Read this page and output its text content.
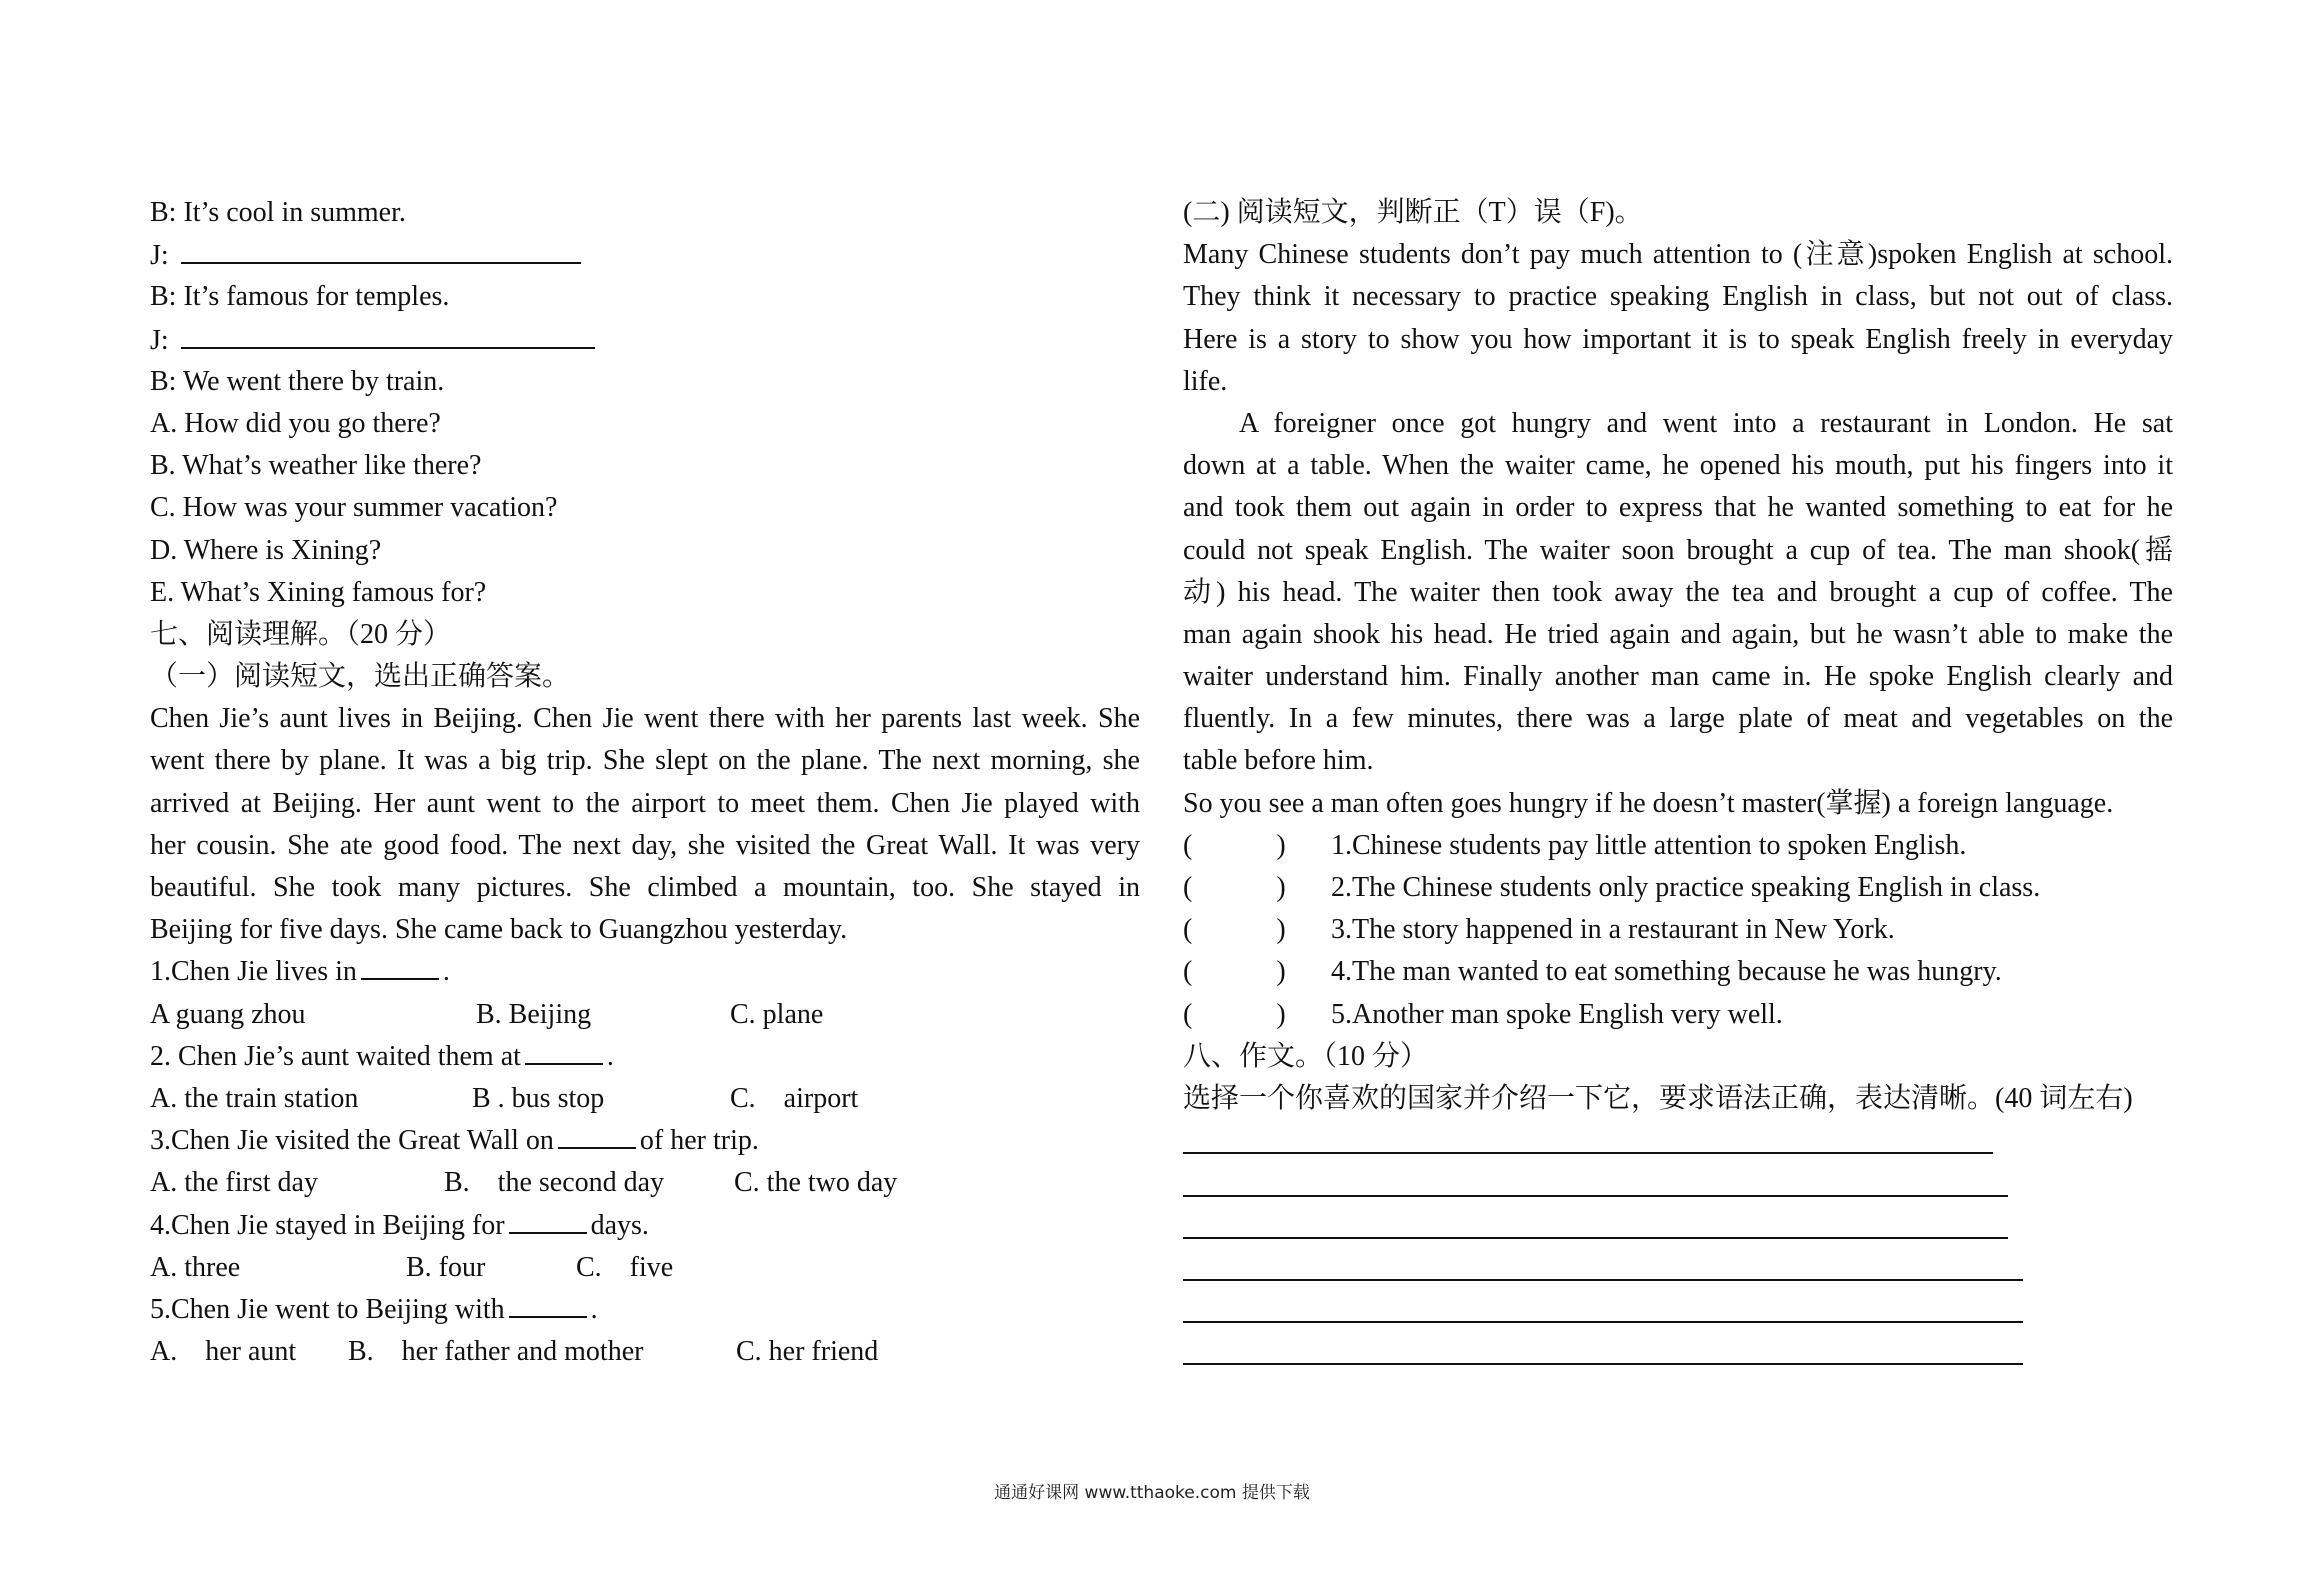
B: It’s cool in summer.
J:
B: It’s famous for temples.
J:
B: We went there by train.
A. How did you go there?
B. What’s weather like there?
C. How was your summer vacation?
D. Where is Xining?
E. What’s Xining famous for?
七、阅读理解。（20 分）
（一）阅读短文，选出正确答案。
Chen Jie’s aunt lives in Beijing. Chen Jie went there with her parents last week. She
went there by plane. It was a big trip. She slept on the plane. The next morning, she
arrived at Beijing. Her aunt went to the airport to meet them. Chen Jie played with
her cousin. She ate good food. The next day, she visited the Great Wall. It was very
beautiful. She took many pictures. She climbed a mountain, too. She stayed in
Beijing for five days. She came back to Guangzhou yesterday.
1.Chen Jie lives in	.
A guang zhou	B. Beijing	C. plane
2. Chen Jie’s aunt waited them at	.
A. the train station	B . bus stop	C.    airport
3.Chen Jie visited the Great Wall on	of her trip.
A. the first day	B.    the second day C. the two day
4.Chen Jie stayed in Beijing for	days.
A. three	B. four	C.    five
5.Chen Jie went to Beijing with	.
A.    her aunt B.    her father and mother	C. her friend
(二) 阅读短文，判断正（T）误（F)。
Many Chinese students don’t pay much attention to (注意)spoken English at school.
They think it necessary to practice speaking English in class, but not out of class.
Here is a story to show you how important it is to speak English freely in everyday
life.
A foreigner once got hungry and went into a restaurant in London. He sat
down at a table. When the waiter came, he opened his mouth, put his fingers into it
and took them out again in order to express that he wanted something to eat for he
could not speak English. The waiter soon brought a cup of tea. The man shook(摇
动) his head. The waiter then took away the tea and brought a cup of coffee. The
man again shook his head. He tried again and again, but he wasn’t able to make the
waiter understand him. Finally another man came in. He spoke English clearly and
fluently. In a few minutes, there was a large plate of meat and vegetables on the
table before him.
So you see a man often goes hungry if he doesn’t master(掌握) a foreign language.
(            ) 1.Chinese students pay little attention to spoken English.
(            ) 2.The Chinese students only practice speaking English in class.
(            ) 3.The story happened in a restaurant in New York.
(            ) 4.The man wanted to eat something because he was hungry.
(            ) 5.Another man spoke English very well.
八、作文。（10 分）
选择一个你喜欢的国家并介绍一下它，要求语法正确，表达清晰。(40 词左右)
通通好课网 www.tthaoke.com 提供下载
